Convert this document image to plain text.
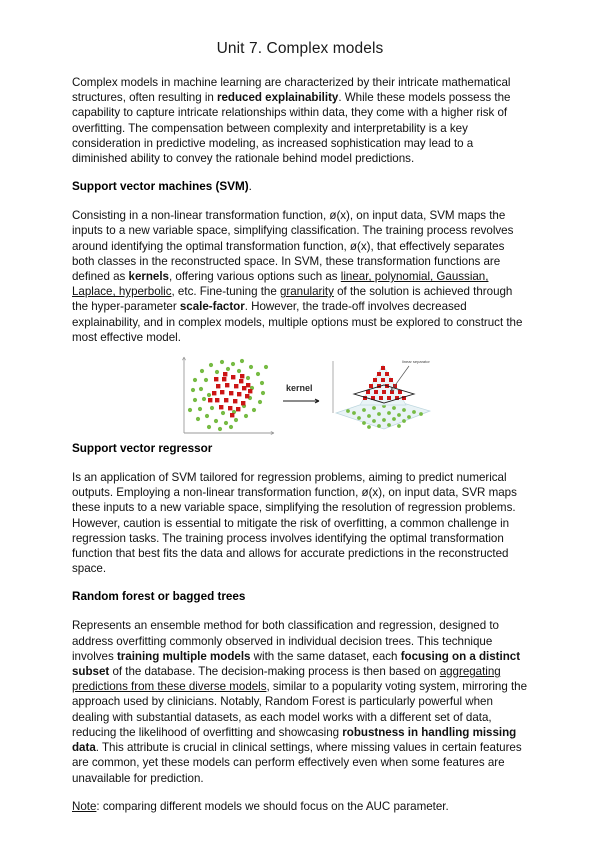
Unit 7. Complex models

Complex models in machine learning are characterized by their intricate mathematical structures, often resulting in reduced explainability. While these models possess the capability to capture intricate relationships within data, they come with a higher risk of overfitting. The compensation between complexity and interpretability is a key consideration in predictive modeling, as increased sophistication may lead to a diminished ability to convey the rationale behind model predictions.

Support vector machines (SVM).

Consisting in a non-linear transformation function, ø(x), on input data, SVM maps the inputs to a new variable space, simplifying classification. The training process revolves around identifying the optimal transformation function, ø(x), that effectively separates both classes in the reconstructed space. In SVM, these transformation functions are defined as kernels, offering various options such as linear, polynomial, Gaussian, Laplace, hyperbolic, etc. Fine-tuning the granularity of the solution is achieved through the hyper-parameter scale-factor. However, the trade-off involves decreased explainability, and in complex models, multiple options must be explored to construct the most effective model.

kernel
linear separator
Support vector regressor

Is an application of SVM tailored for regression problems, aiming to predict numerical outputs. Employing a non-linear transformation function, ø(x), on input data, SVR maps these inputs to a new variable space, simplifying the resolution of regression problems. However, caution is essential to mitigate the risk of overfitting, a common challenge in regression tasks. The training process involves identifying the optimal transformation function that best fits the data and allows for accurate predictions in the reconstructed space.

Random forest or bagged trees

Represents an ensemble method for both classification and regression, designed to address overfitting commonly observed in individual decision trees. This technique involves training multiple models with the same dataset, each focusing on a distinct subset of the database. The decision-making process is then based on aggregating predictions from these diverse models, similar to a popularity voting system, mirroring the approach used by clinicians. Notably, Random Forest is particularly powerful when dealing with substantial datasets, as each model works with a different set of data, reducing the likelihood of overfitting and showcasing robustness in handling missing data. This attribute is crucial in clinical settings, where missing values in certain features are common, yet these models can perform effectively even when some features are unavailable for prediction.

Note: comparing different models we should focus on the AUC parameter.
